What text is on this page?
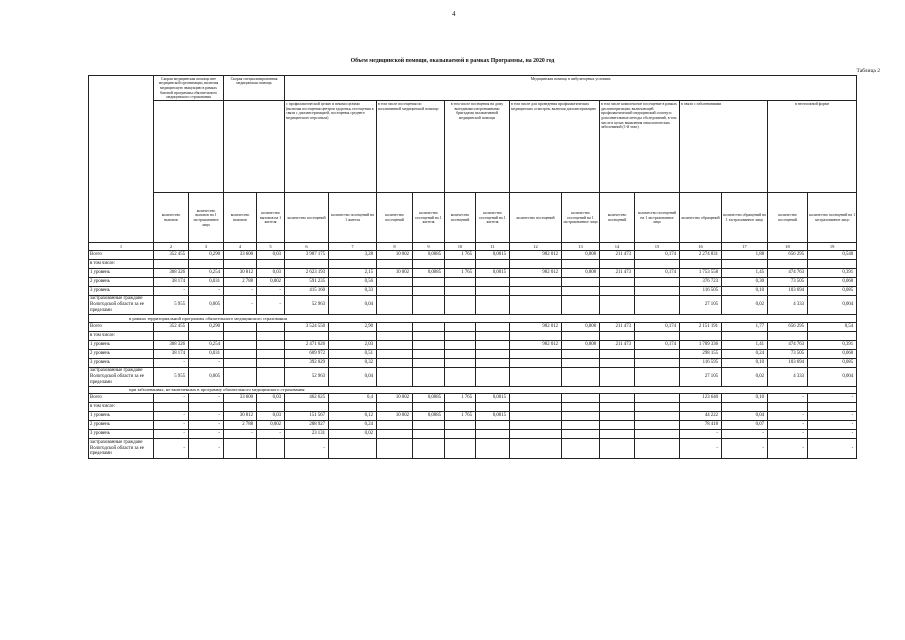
4
Объем медицинской помощи, оказываемой в рамках Программы, на 2020 год
Таблица 2
	Скорая медицинская помощь вне медицинской организации, включая медицинскую эвакуацию в рамках базовой программы обязательного медицинского страхования		Скорая специализированная медицинская помощь		Медицинская помощь в амбулаторных условиях													
					с профилактической целью и иными целями (включая посещения центров здоровья, посещения в связи с диспансеризацией, посещения среднего медицинского персонала)		в том числе посещения по паллиативной медицинской помощи		в том числе посещения на дому выездными патронажными бригадами паллиативной медицинской помощи		в том числе для проведения профилактических медицинских осмотров, включая диспансеризацию		в том числе комплексное посещение в рамках диспансеризации, включающей профилактический медицинский осмотр и дополнительные методы обследований, в том числе в целях выявления онкологических заболеваний (1-й этап)		в связи с заболеваниями		в неотложной форме	
	количество вызовов	количество вызовов на 1 застрахованное лицо	количество вызовов	количество вызовов на 1 жителя	количество посещений	количество посещений на 1 жителя	количество посещений	количество посещений на 1 жителя	количество посещений	количество посещений на 1 жителя	количество посещений	количество посещений на 1 застрахованное лицо	количество посещений	количество посещений на 1 застрахованное лицо	количество обращений	количество обращений на 1 застрахованное лицо	количество посещений	количество посещений на 1 застрахованное лицо
1	2	3	4	5	6	7	8	9	10	11	12	13	14	15	16	17	18	19
Всего	352 455	0,290	33 600	0,03	3 987 175	3,28	10 002	0,0085	1 765	0,0015	982 012	0,808	211 473	0,174	2 274 831	1,88	656 295	0,540
в том числе:																		
1 уровень	308 326	0,254	30 812	0,03	2 623 193	2,15	10 002	0,0085	1 765	0,0015	982 012	0,808	211 473	0,174	1 753 558	1,45	474 763	0,391
2 уровень	38 174	0,031	2 788	0,002	591 235	0,56									376 723	0,30	73 505	0,060
3 уровень	-	-	-	-	415 160	0,33									116 505	0,10	103 694	0,085
застрахованные граждане Вологодской области за ее пределами	5 955	0,005	-	-	52 963	0,04									27 105	0,02	4 333	0,004
в рамках территориальной программы обязательного медицинского страхования																		
Всего	352 455	0,290			3 524 550	2,90					982 012	0,808	211 473	0,174	2 151 191	1,77	656 295	0,54
в том числе:																		
1 уровень	308 326	0,254			2 471 626	2,03					982 012	0,808	211 473	0,174	1 709 336	1,41	474 763	0,391
2 уровень	38 174	0,031			609 972	0,51									298 155	0,24	73 505	0,060
3 уровень	-	-			392 029	0,32									116 595	0,10	103 694	0,085
застрахованные граждане Вологодской области за ее пределами	5 955	0,005			52 963	0,04									27 105	0,02	4 333	0,004
при заболеваниях, не включенных в программу обязательного медицинского страхования																		
Всего	-	-	33 600	0,03	462 625	0,4	10 002	0,0085	1 765	0,0015					123 640	0,10	-	-
в том числе:																		
1 уровень	-	-	30 812	0,03	151 567	0,12	10 002	0,0085	1 765	0,0015					44 222	0,04	-	-
2 уровень	-	-	2 788	0,002	288 927	0,24									78 418	0,07	-	-
3 уровень	-	-	-	-	23 131	0,02									-	-	-	-
застрахованные граждане Вологодской области за ее пределами	-	-			-										-	-	-	-
